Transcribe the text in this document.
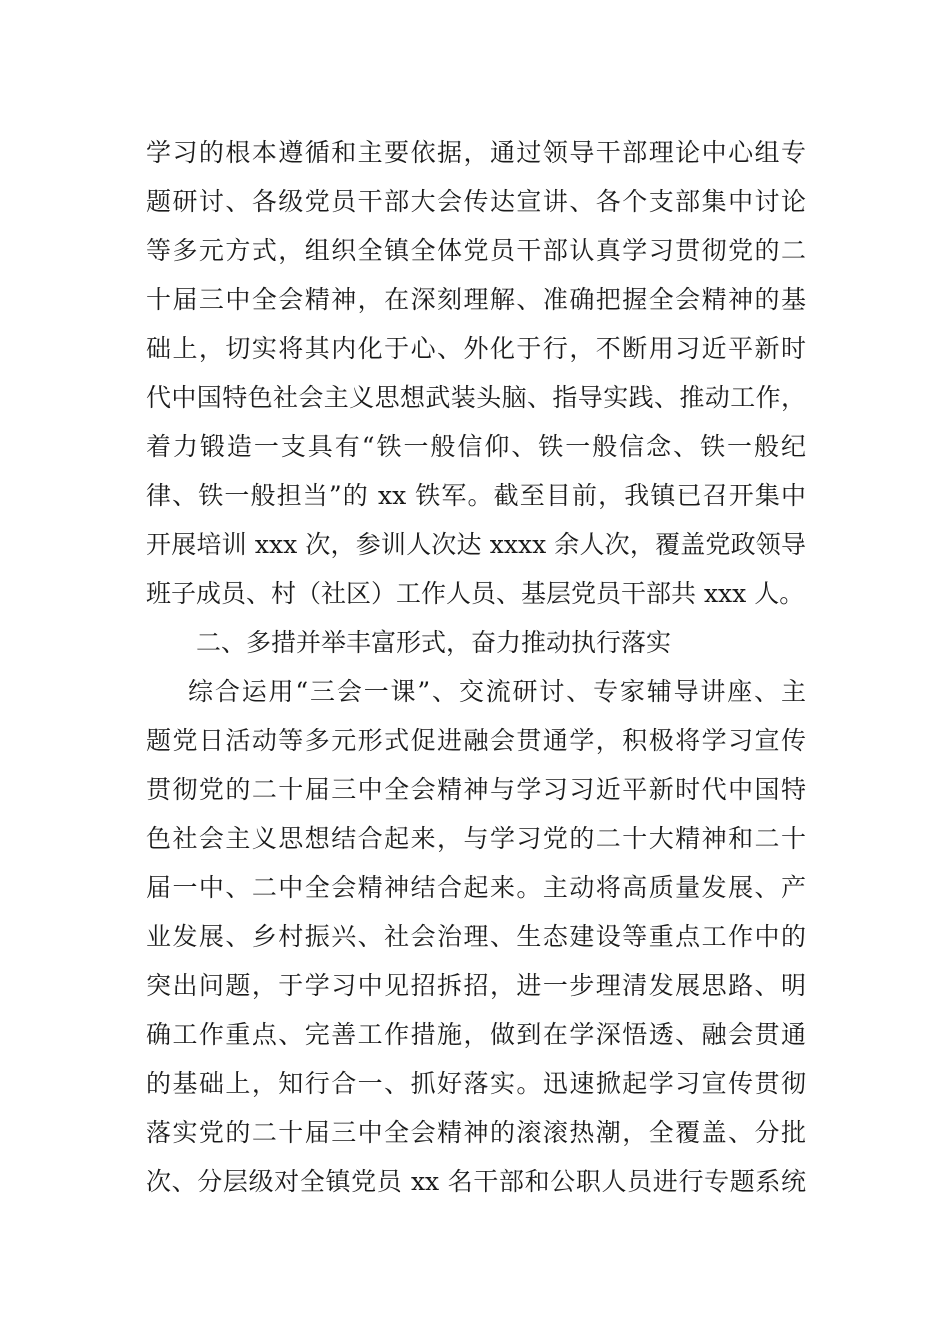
学习的根本遵循和主要依据，通过领导干部理论中心组专
题研讨、各级党员干部大会传达宣讲、各个支部集中讨论
等多元方式，组织全镇全体党员干部认真学习贯彻党的二
十届三中全会精神，在深刻理解、准确把握全会精神的基
础上，切实将其内化于心、外化于行，不断用习近平新时
代中国特色社会主义思想武装头脑、指导实践、推动工作，
着力锻造一支具有“铁一般信仰、铁一般信念、铁一般纪
律、铁一般担当”的 xx 铁军。截至目前，我镇已召开集中
开展培训 xxx 次，参训人次达 xxxx 余人次，覆盖党政领导
班子成员、村（社区）工作人员、基层党员干部共 xxx 人。
二、多措并举丰富形式，奋力推动执行落实
综合运用“三会一课”、交流研讨、专家辅导讲座、主
题党日活动等多元形式促进融会贯通学，积极将学习宣传
贯彻党的二十届三中全会精神与学习习近平新时代中国特
色社会主义思想结合起来，与学习党的二十大精神和二十
届一中、二中全会精神结合起来。主动将高质量发展、产
业发展、乡村振兴、社会治理、生态建设等重点工作中的
突出问题，于学习中见招拆招，进一步理清发展思路、明
确工作重点、完善工作措施，做到在学深悟透、融会贯通
的基础上，知行合一、抓好落实。迅速掀起学习宣传贯彻
落实党的二十届三中全会精神的滚滚热潮，全覆盖、分批
次、分层级对全镇党员 xx 名干部和公职人员进行专题系统
